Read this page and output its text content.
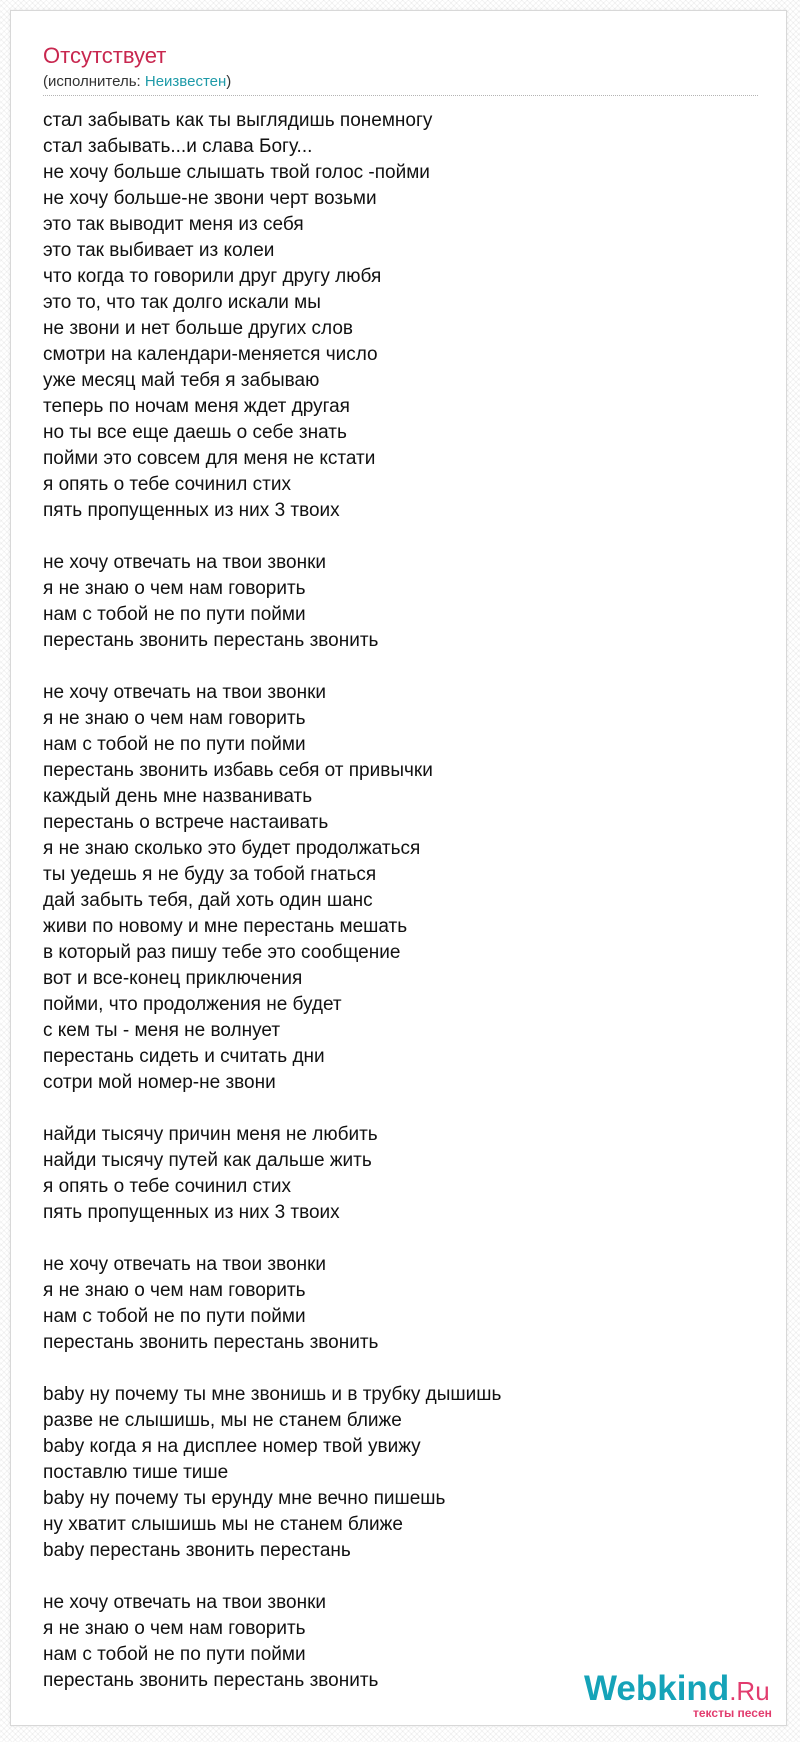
Отсутствует
(исполнитель: Неизвестен)
стал забывать как ты выглядишь понемногу
стал забывать...и слава Богу...
не хочу больше слышать твой голос -пойми
не хочу больше-не звони черт возьми
это так выводит меня из себя
это так выбивает из колеи
что когда то говорили друг другу любя
это то, что так долго искали мы
не звони и нет больше других слов
смотри на календари-меняется число
уже месяц май тебя я забываю
теперь по ночам меня ждет другая
но ты все еще даешь о себе знать
пойми это совсем для меня не кстати
я опять о тебе сочинил стих
пять пропущенных из них 3 твоих
не хочу отвечать на твои звонки
я не знаю о чем нам говорить
нам с тобой не по пути пойми
перестань звонить перестань звонить
не хочу отвечать на твои звонки
я не знаю о чем нам говорить
нам с тобой не по пути пойми
перестань звонить избавь себя от привычки
каждый день мне названивать
перестань о встрече настаивать
я не знаю сколько это будет продолжаться
ты уедешь я не буду за тобой гнаться
дай забыть тебя, дай хоть один шанс
живи по новому и мне перестань мешать
в который раз пишу тебе это сообщение
вот и все-конец приключения
пойми, что продолжения не будет
с кем ты - меня не волнует
перестань сидеть и считать дни
сотри мой номер-не звони
найди тысячу причин меня не любить
найди тысячу путей как дальше жить
я опять о тебе сочинил стих
пять пропущенных из них 3 твоих
не хочу отвечать на твои звонки
я не знаю о чем нам говорить
нам с тобой не по пути пойми
перестань звонить перестань звонить
baby ну почему ты мне звонишь и в трубку дышишь
разве не слышишь, мы не станем ближе
baby когда я на дисплее номер твой увижу
поставлю тише тише
baby ну почему ты ерунду мне вечно пишешь
ну хватит слышишь мы не станем ближе
baby перестань звонить перестань
не хочу отвечать на твои звонки
я не знаю о чем нам говорить
нам с тобой не по пути пойми
перестань звонить перестань звонить	Webkind.Ru
тексты песен
